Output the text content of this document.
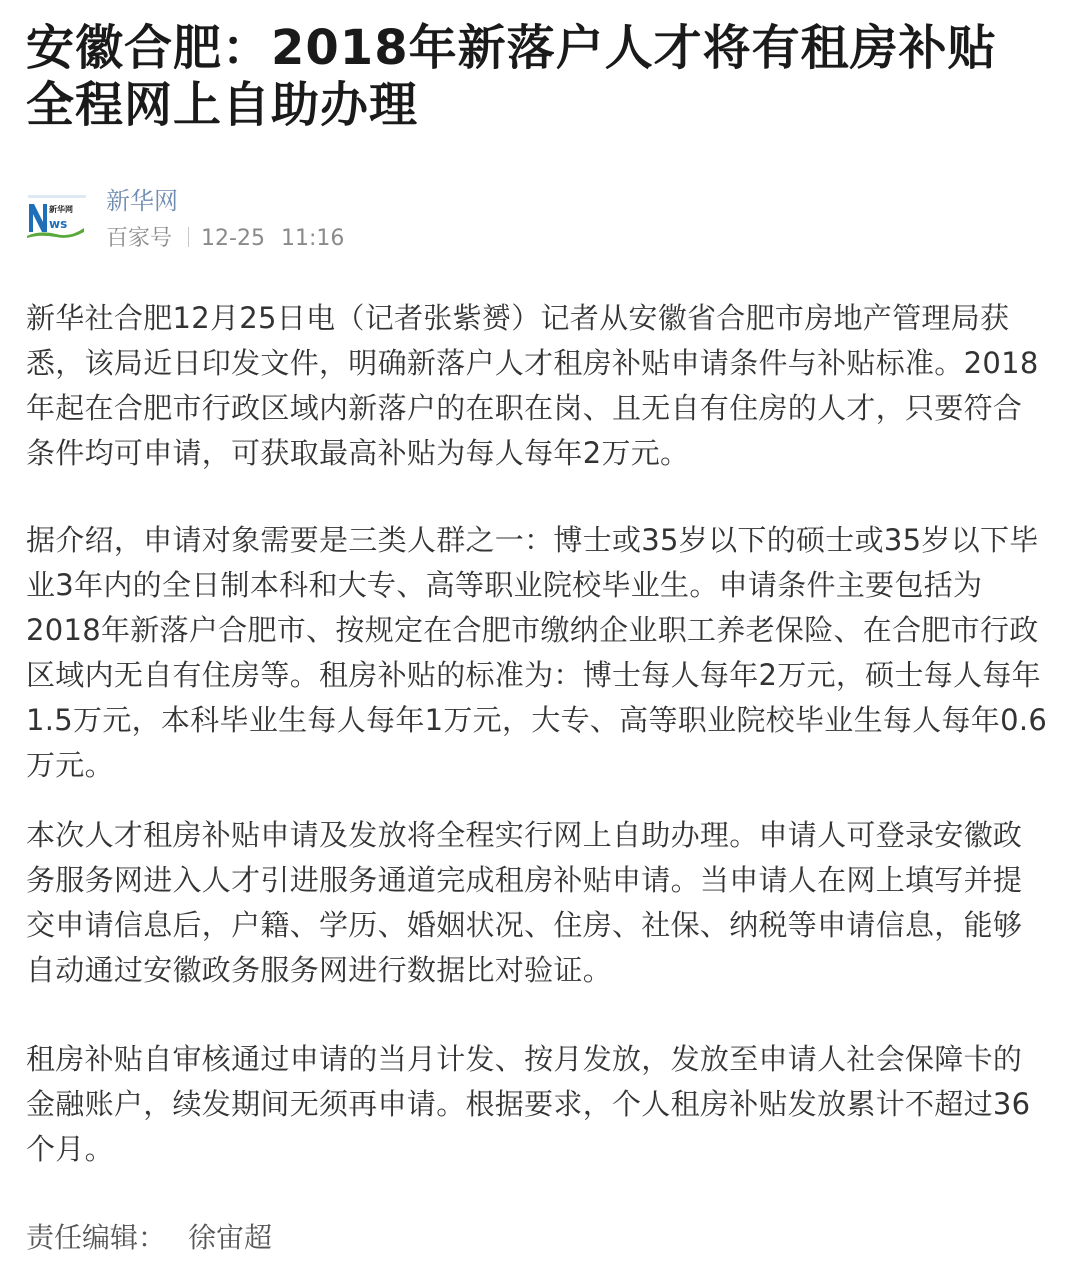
安徽合肥：2018年新落户人才将有租房补贴 全程网上自助办理
新华网
ws
新华网
百家号 12-25 11:16

新华社合肥12月25日电（记者张紫赟）记者从安徽省合肥市房地产管理局获悉，该局近日印发文件，明确新落户人才租房补贴申请条件与补贴标准。2018年起在合肥市行政区域内新落户的在职在岗、且无自有住房的人才，只要符合条件均可申请，可获取最高补贴为每人每年2万元。

据介绍，申请对象需要是三类人群之一：博士或35岁以下的硕士或35岁以下毕业3年内的全日制本科和大专、高等职业院校毕业生。申请条件主要包括为2018年新落户合肥市、按规定在合肥市缴纳企业职工养老保险、在合肥市行政区域内无自有住房等。租房补贴的标准为：博士每人每年2万元，硕士每人每年1.5万元，本科毕业生每人每年1万元，大专、高等职业院校毕业生每人每年0.6万元。

本次人才租房补贴申请及发放将全程实行网上自助办理。申请人可登录安徽政务服务网进入人才引进服务通道完成租房补贴申请。当申请人在网上填写并提交申请信息后，户籍、学历、婚姻状况、住房、社保、纳税等申请信息，能够自动通过安徽政务服务网进行数据比对验证。

租房补贴自审核通过申请的当月计发、按月发放，发放至申请人社会保障卡的金融账户，续发期间无须再申请。根据要求，个人租房补贴发放累计不超过36个月。

责任编辑： 徐宙超
